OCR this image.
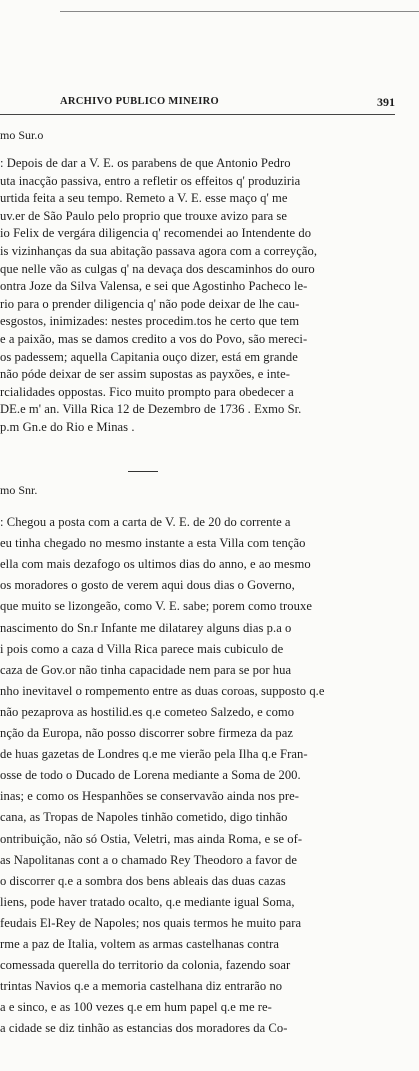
ARCHIVO PUBLICO MINEIRO	391
mo Sur.o
: Depois de dar a V. E. os parabens de que Antonio Pedro
uta inacção passiva, entro a refletir os effeitos q' produziria
urtida feita a seu tempo. Remeto a V. E. esse maço q' me
uv.er de São Paulo pelo proprio que trouxe avizo para se
io Felix de vergára diligencia q' recomendei ao Intendente do
is vizinhanças da sua abitação passava agora com a correyção,
que nelle vão as culgas q' na devaça dos descaminhos do ouro
ontra Joze da Silva Valensa, e sei que Agostinho Pacheco le-
rio para o prender diligencia q' não pode deixar de lhe cau-
esgostos, inimizades: nestes procedim.tos he certo que tem
e a paixão, mas se damos credito a vos do Povo, são mereci-
os padessem; aquella Capitania ouço dizer, está em grande
não póde deixar de ser assim supostas as payxões, e inte-
rcialidades oppostas. Fico muito prompto para obedecer a
DE.e m' an. Villa Rica 12 de Dezembro de 1736 . Exmo Sr.
p.m Gn.e do Rio e Minas .
mo Snr.
: Chegou a posta com a carta de V. E. de 20 do corrente a
eu tinha chegado no mesmo instante a esta Villa com tenção
ella com mais dezafogo os ultimos dias do anno, e ao mesmo
os moradores o gosto de verem aqui dous dias o Governo,
que muito se lizongeão, como V. E. sabe; porem como trouxe
nascimento do Sn.r Infante me dilatarey alguns dias p.a o
i pois como a caza d Villa Rica parece mais cubiculo de
caza de Gov.or não tinha capacidade nem para se por hua
nho inevitavel o rompemento entre as duas coroas, supposto q.e
não pezaprova as hostilid.es q.e cometeo Salzedo, e como
nção da Europa, não posso discorrer sobre firmeza da paz
de huas gazetas de Londres q.e me vierão pela Ilha q.e Fran-
osse de todo o Ducado de Lorena mediante a Soma de 200.
inas; e como os Hespanhões se conservavão ainda nos pre-
cana, as Tropas de Napoles tinhão cometido, digo tinhão
ontribuição, não só Ostia, Veletri, mas ainda Roma, e se of-
as Napolitanas cont a o chamado Rey Theodoro a favor de
o discorrer q.e a sombra dos bens ableais das duas cazas
liens, pode haver tratado ocalto, q.e mediante igual Soma,
feudais El-Rey de Napoles; nos quais termos he muito para
rme a paz de Italia, voltem as armas castelhanas contra
comessada querella do territorio da colonia, fazendo soar
trintas Navios q.e a memoria castelhana diz entrarão no
a e sinco, e as 100 vezes q.e em hum papel q.e me re-
a cidade se diz tinhão as estancias dos moradores da Co-
